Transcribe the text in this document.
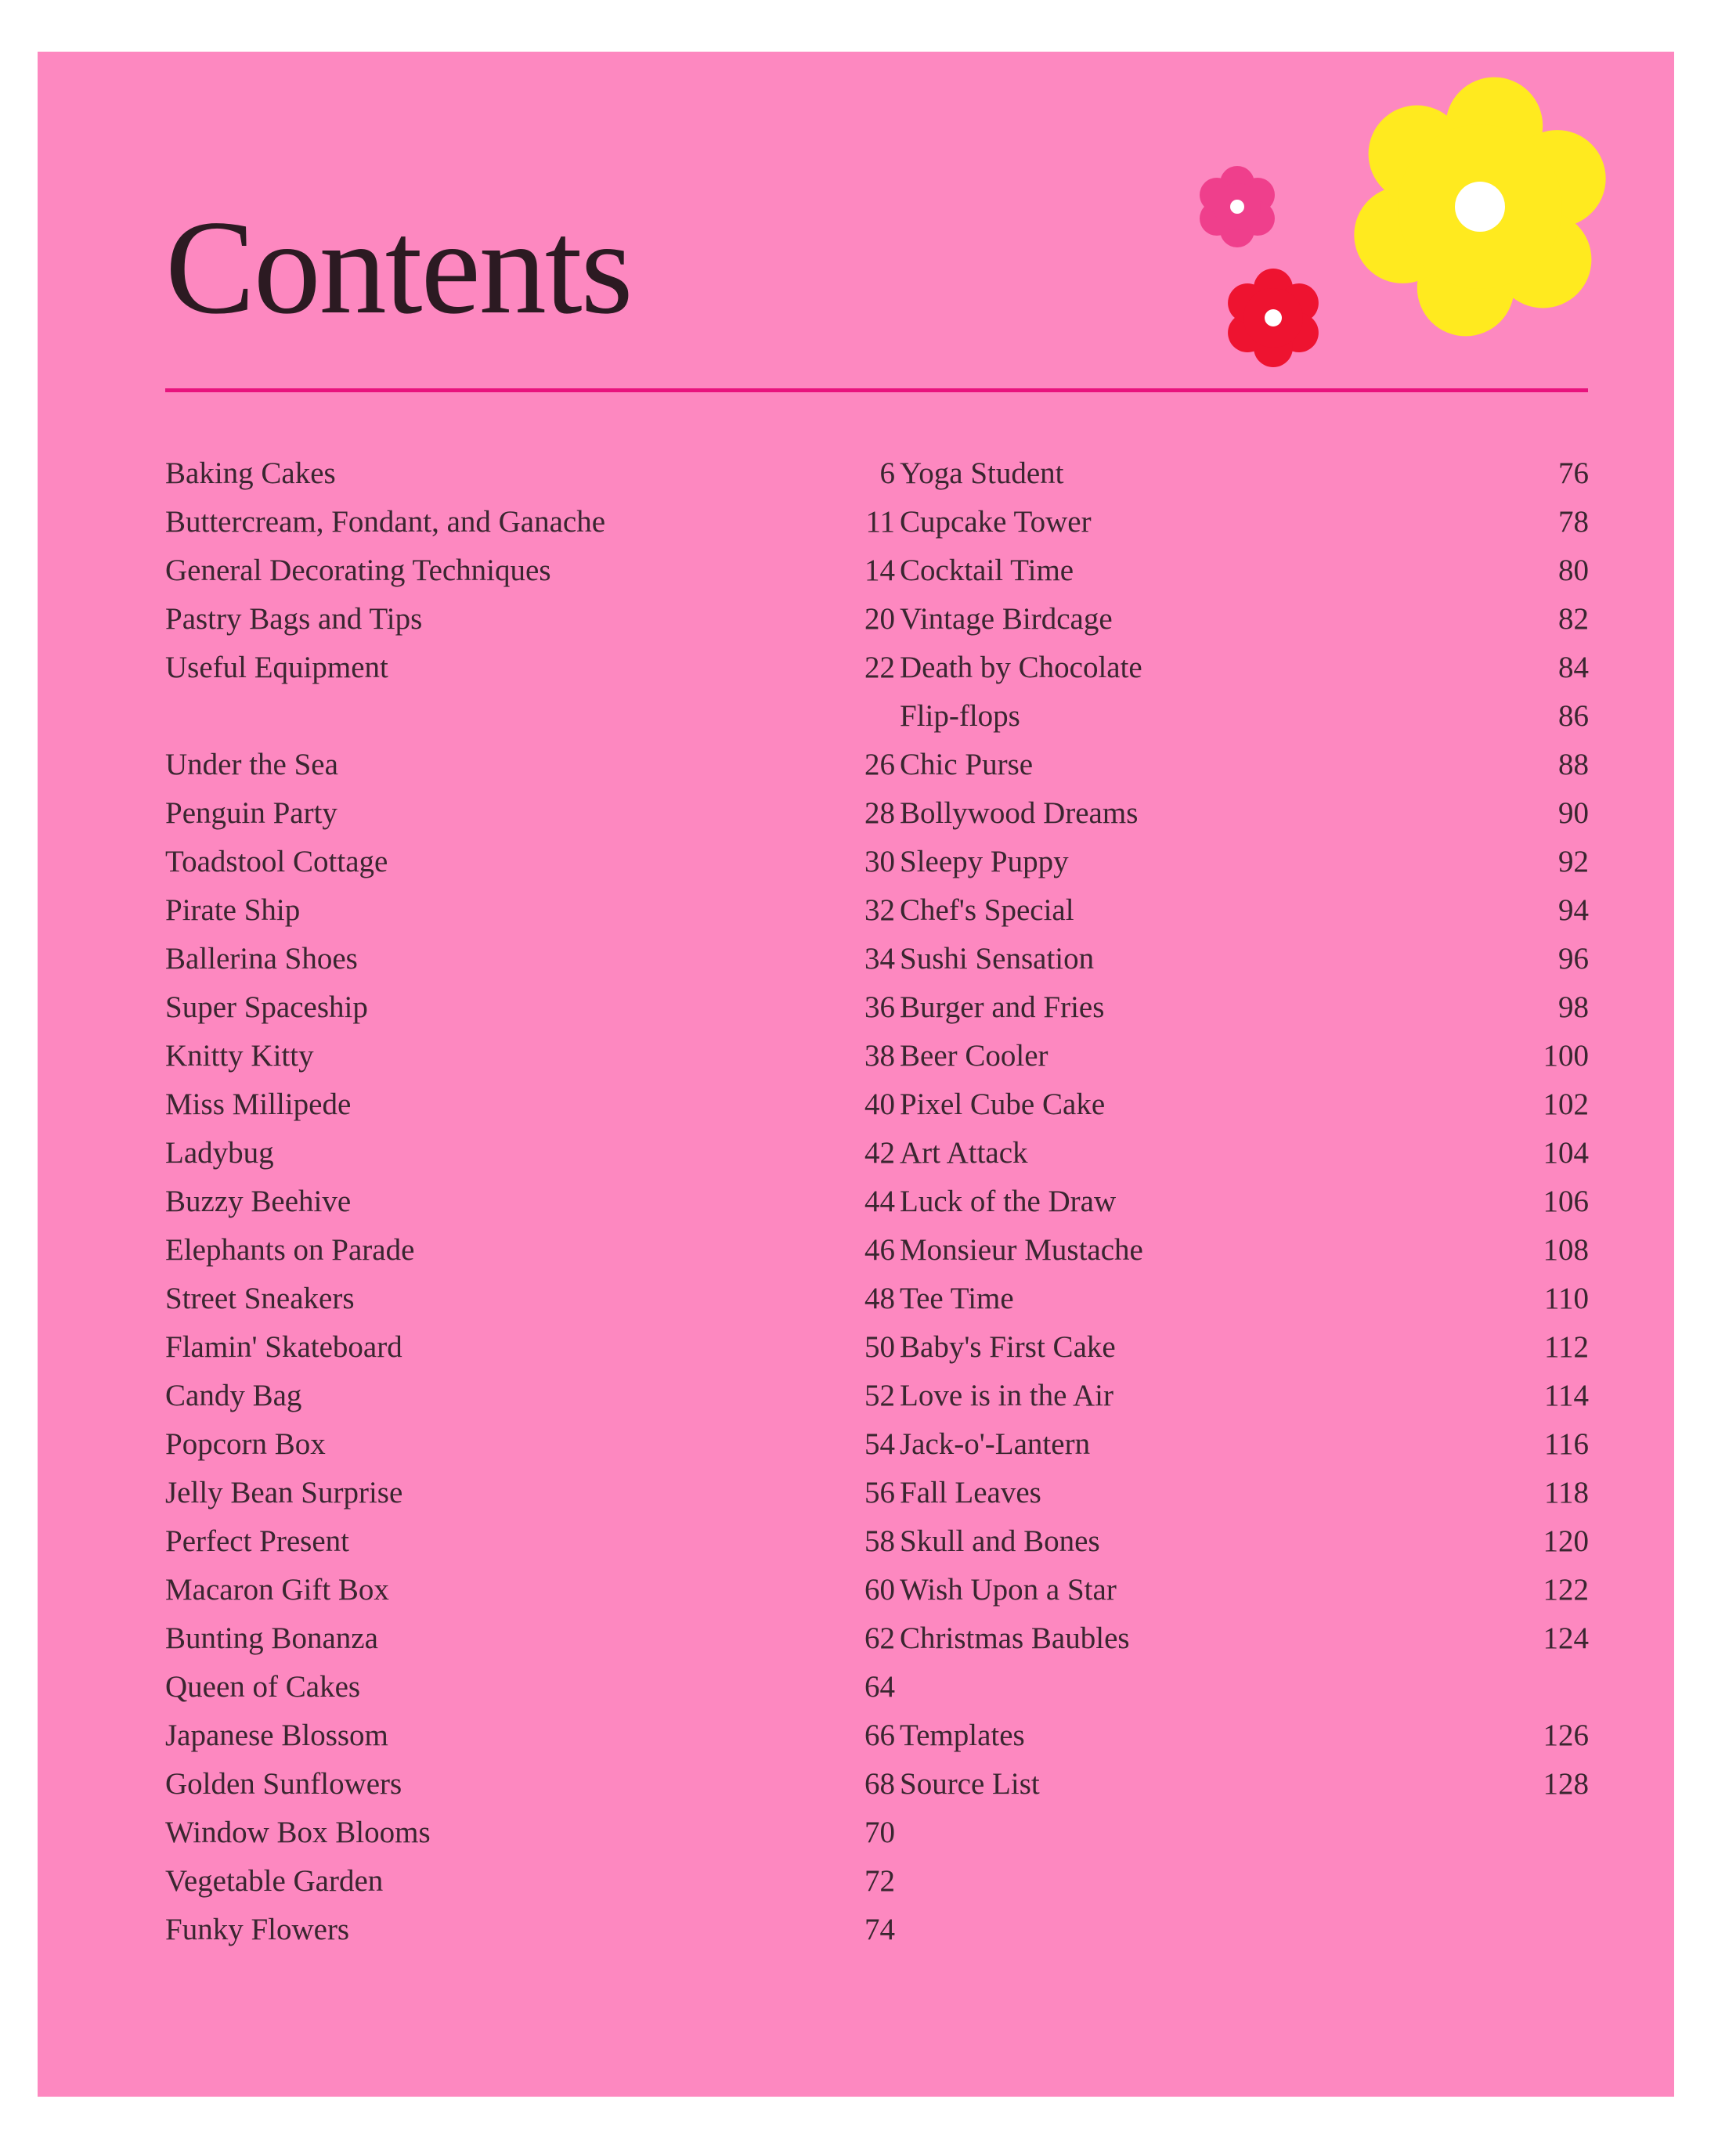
Contents
Baking Cakes	6
Buttercream, Fondant, and Ganache	11
General Decorating Techniques	14
Pastry Bags and Tips	20
Useful Equipment	22
Under the Sea	26
Penguin Party	28
Toadstool Cottage	30
Pirate Ship	32
Ballerina Shoes	34
Super Spaceship	36
Knitty Kitty	38
Miss Millipede	40
Ladybug	42
Buzzy Beehive	44
Elephants on Parade	46
Street Sneakers	48
Flamin' Skateboard	50
Candy Bag	52
Popcorn Box	54
Jelly Bean Surprise	56
Perfect Present	58
Macaron Gift Box	60
Bunting Bonanza	62
Queen of Cakes	64
Japanese Blossom	66
Golden Sunflowers	68
Window Box Blooms	70
Vegetable Garden	72
Funky Flowers	74
Yoga Student	76
Cupcake Tower	78
Cocktail Time	80
Vintage Birdcage	82
Death by Chocolate	84
Flip-flops	86
Chic Purse	88
Bollywood Dreams	90
Sleepy Puppy	92
Chef's Special	94
Sushi Sensation	96
Burger and Fries	98
Beer Cooler	100
Pixel Cube Cake	102
Art Attack	104
Luck of the Draw	106
Monsieur Mustache	108
Tee Time	110
Baby's First Cake	112
Love is in the Air	114
Jack-o'-Lantern	116
Fall Leaves	118
Skull and Bones	120
Wish Upon a Star	122
Christmas Baubles	124
Templates	126
Source List	128
